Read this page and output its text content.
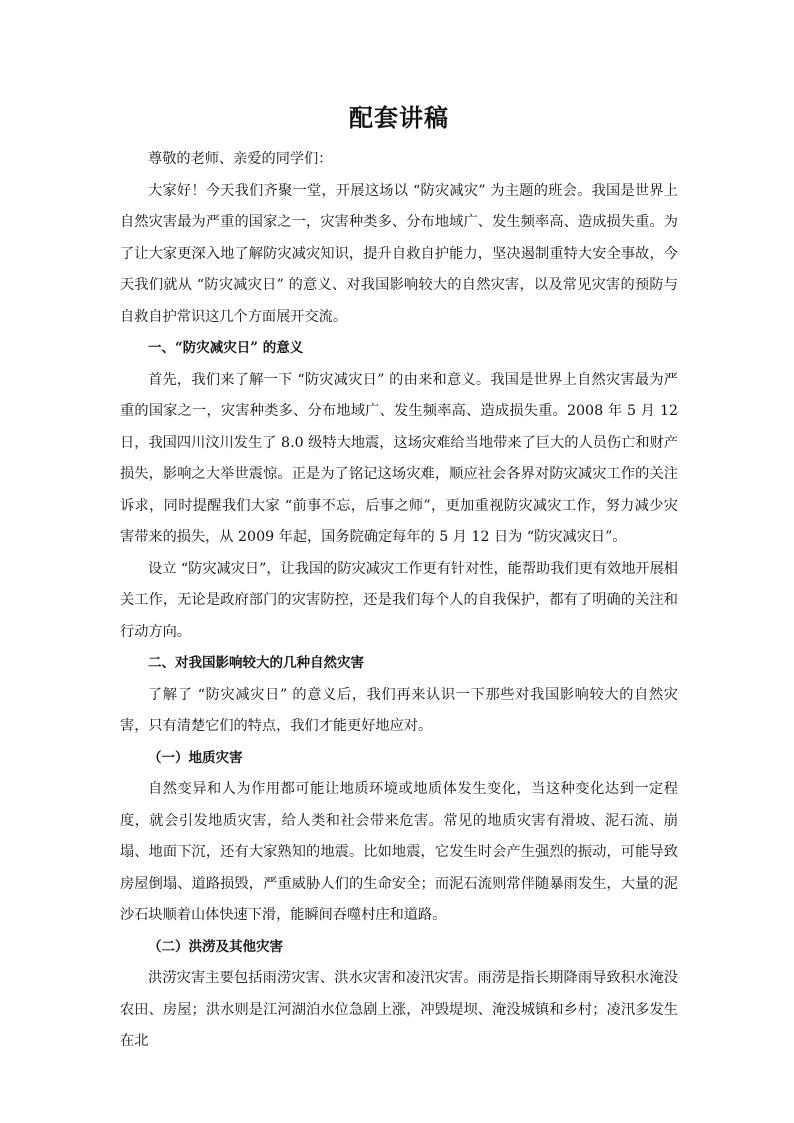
配套讲稿

尊敬的老师、亲爱的同学们：

大家好！今天我们齐聚一堂，开展这场以 “防灾减灾” 为主题的班会。我国是世界上自然灾害最为严重的国家之一，灾害种类多、分布地域广、发生频率高、造成损失重。为了让大家更深入地了解防灾减灾知识，提升自救自护能力，坚决遏制重特大安全事故，今天我们就从 “防灾减灾日” 的意义、对我国影响较大的自然灾害，以及常见灾害的预防与自救自护常识这几个方面展开交流。

一、“防灾减灾日” 的意义

首先，我们来了解一下 “防灾减灾日” 的由来和意义。我国是世界上自然灾害最为严重的国家之一，灾害种类多、分布地域广、发生频率高、造成损失重。2008 年 5 月 12 日，我国四川汶川发生了 8.0 级特大地震，这场灾难给当地带来了巨大的人员伤亡和财产损失，影响之大举世震惊。正是为了铭记这场灾难，顺应社会各界对防灾减灾工作的关注诉求，同时提醒我们大家 “前事不忘，后事之师”，更加重视防灾减灾工作，努力减少灾害带来的损失，从 2009 年起，国务院确定每年的 5 月 12 日为 “防灾减灾日”。

设立 “防灾减灾日”，让我国的防灾减灾工作更有针对性，能帮助我们更有效地开展相关工作，无论是政府部门的灾害防控，还是我们每个人的自我保护，都有了明确的关注和行动方向。

二、对我国影响较大的几种自然灾害

了解了 “防灾减灾日” 的意义后，我们再来认识一下那些对我国影响较大的自然灾害，只有清楚它们的特点，我们才能更好地应对。

（一）地质灾害

自然变异和人为作用都可能让地质环境或地质体发生变化，当这种变化达到一定程度，就会引发地质灾害，给人类和社会带来危害。常见的地质灾害有滑坡、泥石流、崩塌、地面下沉，还有大家熟知的地震。比如地震，它发生时会产生强烈的振动，可能导致房屋倒塌、道路损毁，严重威胁人们的生命安全；而泥石流则常伴随暴雨发生，大量的泥沙石块顺着山体快速下滑，能瞬间吞噬村庄和道路。

（二）洪涝及其他灾害

洪涝灾害主要包括雨涝灾害、洪水灾害和凌汛灾害。雨涝是指长期降雨导致积水淹没农田、房屋；洪水则是江河湖泊水位急剧上涨，冲毁堤坝、淹没城镇和乡村；凌汛多发生在北
